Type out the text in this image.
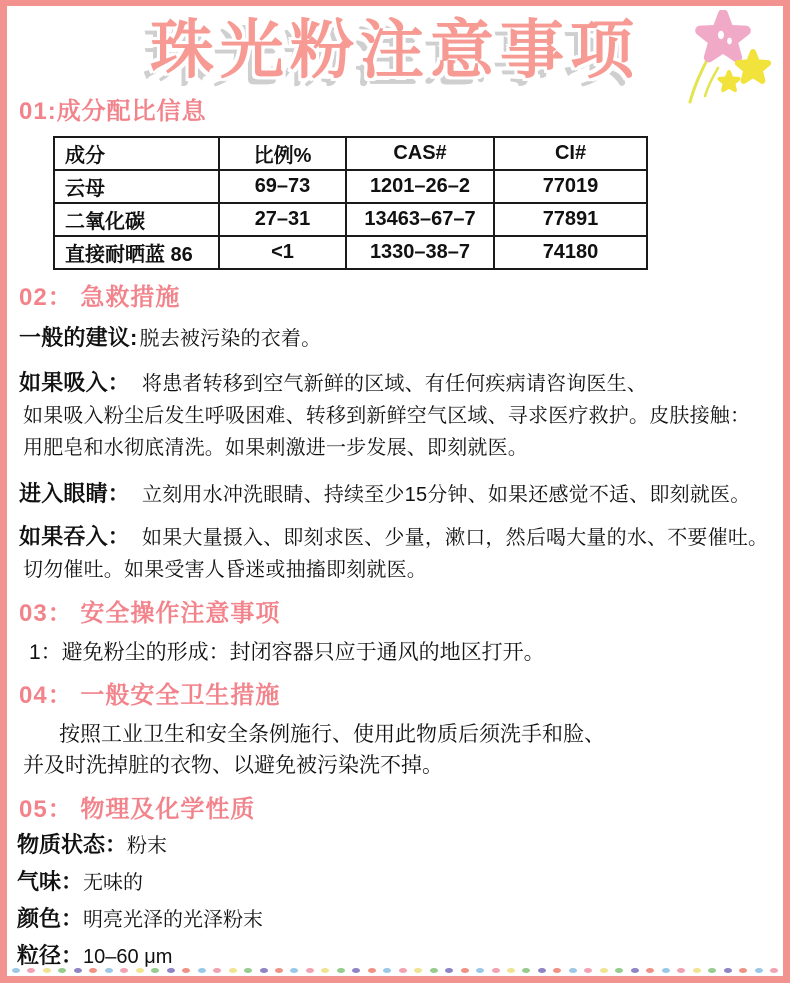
珠光粉注意事项
01:成分配比信息
成分	比例%	CAS#	CI#
云母	69–73	1201–26–2	77019
二氧化碳	27–31	13463–67–7	77891
直接耐晒蓝 86	<1	1330–38–7	74180
02： 急救措施

一般的建议: 脱去被污染的衣着。

如果吸入： 将患者转移到空气新鲜的区域、有任何疾病请咨询医生、

如果吸入粉尘后发生呼吸困难、转移到新鲜空气区域、寻求医疗救护。皮肤接触：

用肥皂和水彻底清洗。如果刺激进一步发展、即刻就医。

进入眼睛： 立刻用水冲洗眼睛、持续至少15分钟、如果还感觉不适、即刻就医。

如果吞入： 如果大量摄入、即刻求医、少量，漱口，然后喝大量的水、不要催吐。

切勿催吐。如果受害人昏迷或抽搐即刻就医。

03： 安全操作注意事项

1：避免粉尘的形成：封闭容器只应于通风的地区打开。

04： 一般安全卫生措施

按照工业卫生和安全条例施行、使用此物质后须洗手和脸、

并及时洗掉脏的衣物、以避免被污染洗不掉。

05： 物理及化学性质

物质状态：粉末

气味：无味的

颜色：明亮光泽的光泽粉末

粒径：10–60 μm
